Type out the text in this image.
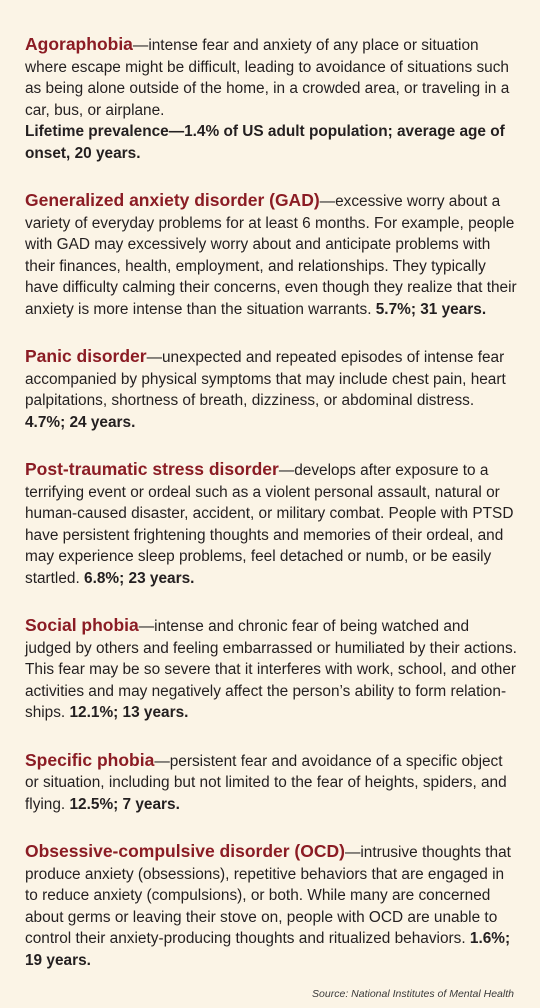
Agoraphobia—intense fear and anxiety of any place or situation where escape might be difficult, leading to avoidance of situations such as being alone outside of the home, in a crowded area, or traveling in a car, bus, or airplane.
Lifetime prevalence—1.4% of US adult population; average age of onset, 20 years.

Generalized anxiety disorder (GAD)—excessive worry about a variety of everyday problems for at least 6 months. For example, people with GAD may excessively worry about and anticipate problems with their finances, health, employment, and relationships. They typically have difficulty calming their concerns, even though they realize that their anxiety is more intense than the situation warrants. 5.7%; 31 years.

Panic disorder—unexpected and repeated episodes of intense fear accompanied by physical symptoms that may include chest pain, heart palpitations, shortness of breath, dizziness, or abdominal distress. 4.7%; 24 years.

Post-traumatic stress disorder—develops after exposure to a terrifying event or ordeal such as a violent personal assault, natural or human-caused disaster, accident, or military combat. People with PTSD have persistent frightening thoughts and memories of their ordeal, and may experience sleep problems, feel detached or numb, or be easily startled. 6.8%; 23 years.

Social phobia—intense and chronic fear of being watched and judged by others and feeling embarrassed or humiliated by their actions. This fear may be so severe that it interferes with work, school, and other activities and may negatively affect the person’s ability to form relationships. 12.1%; 13 years.

Specific phobia—persistent fear and avoidance of a specific object or situation, including but not limited to the fear of heights, spiders, and flying. 12.5%; 7 years.

Obsessive-compulsive disorder (OCD)—intrusive thoughts that produce anxiety (obsessions), repetitive behaviors that are engaged in to reduce anxiety (compulsions), or both. While many are concerned about germs or leaving their stove on, people with OCD are unable to control their anxiety-producing thoughts and ritualized behaviors. 1.6%; 19 years.

Source: National Institutes of Mental Health
